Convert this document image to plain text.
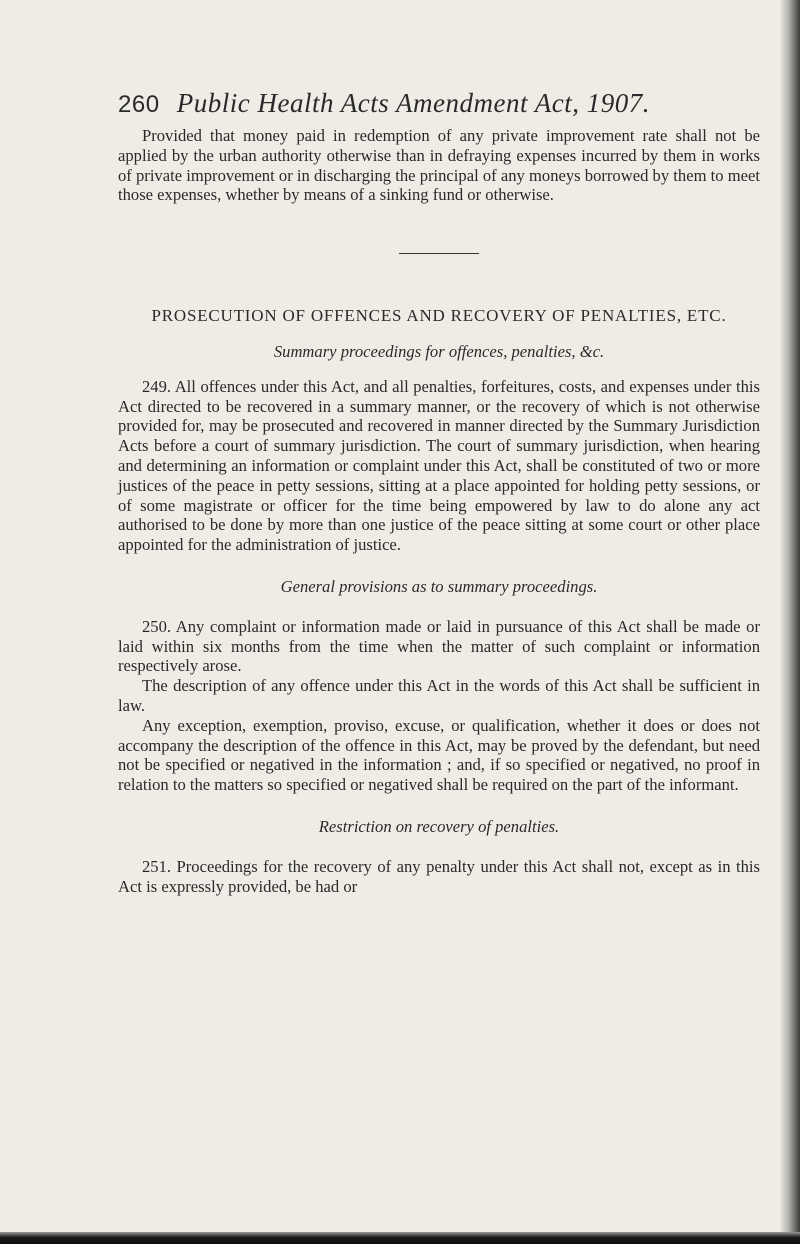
260 Public Health Acts Amendment Act, 1907.

Provided that money paid in redemption of any private improvement rate shall not be applied by the urban authority otherwise than in defraying expenses incurred by them in works of private improvement or in discharging the principal of any moneys borrowed by them to meet those expenses, whether by means of a sinking fund or otherwise.

PROSECUTION OF OFFENCES AND RECOVERY OF PENALTIES, ETC.

Summary proceedings for offences, penalties, &c.

249. All offences under this Act, and all penalties, forfeitures, costs, and expenses under this Act directed to be recovered in a summary manner, or the recovery of which is not otherwise provided for, may be prosecuted and recovered in manner directed by the Summary Jurisdiction Acts before a court of summary jurisdiction. The court of summary jurisdiction, when hearing and determining an information or complaint under this Act, shall be constituted of two or more justices of the peace in petty sessions, sitting at a place appointed for holding petty sessions, or of some magistrate or officer for the time being empowered by law to do alone any act authorised to be done by more than one justice of the peace sitting at some court or other place appointed for the administration of justice.

General provisions as to summary proceedings.

250. Any complaint or information made or laid in pursuance of this Act shall be made or laid within six months from the time when the matter of such complaint or information respectively arose.

The description of any offence under this Act in the words of this Act shall be sufficient in law.

Any exception, exemption, proviso, excuse, or qualification, whether it does or does not accompany the description of the offence in this Act, may be proved by the defendant, but need not be specified or negatived in the information ; and, if so specified or negatived, no proof in relation to the matters so specified or negatived shall be required on the part of the informant.

Restriction on recovery of penalties.

251. Proceedings for the recovery of any penalty under this Act shall not, except as in this Act is expressly provided, be had or
